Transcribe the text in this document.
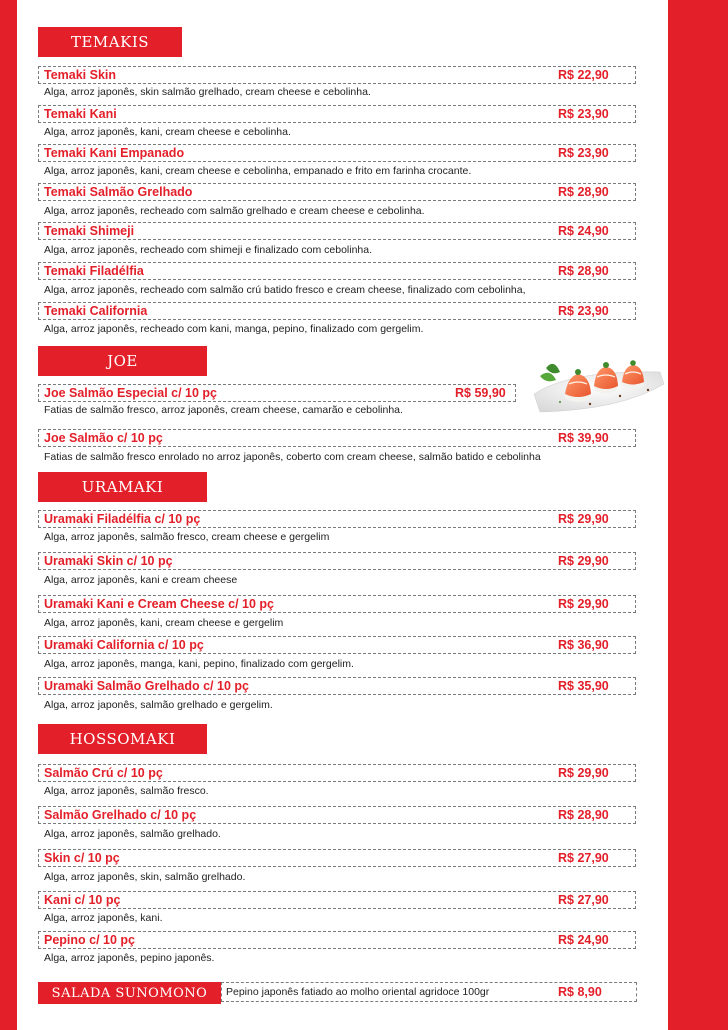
TEMAKIS
Temaki Skin	R$ 22,90
Alga, arroz japonês, skin salmão grelhado, cream cheese e cebolinha.
Temaki Kani	R$ 23,90
Alga, arroz japonês, kani, cream cheese e cebolinha.
Temaki Kani Empanado	R$ 23,90
Alga, arroz japonês, kani, cream cheese e cebolinha, empanado e frito em farinha crocante.
Temaki Salmão Grelhado	R$ 28,90
Alga, arroz japonês, recheado com salmão grelhado e cream cheese e cebolinha.
Temaki Shimeji	R$ 24,90
Alga, arroz japonês, recheado com shimeji e finalizado com cebolinha.
Temaki Filadélfia	R$ 28,90
Alga, arroz japonês, recheado com salmão crú batido fresco e cream cheese, finalizado com cebolinha,
Temaki California	R$ 23,90
Alga, arroz japonês, recheado com kani, manga, pepino, finalizado com gergelim.
JOE
Joe Salmão Especial c/ 10 pç	R$ 59,90
Fatias de salmão fresco, arroz japonês, cream cheese, camarão e cebolinha.
Joe Salmão c/ 10 pç	R$ 39,90
Fatias de salmão fresco enrolado no arroz japonês, coberto com cream cheese, salmão batido e cebolinha
URAMAKI
Uramaki Filadélfia c/ 10 pç	R$ 29,90
Alga, arroz japonês, salmão fresco, cream cheese e gergelim
Uramaki Skin c/ 10 pç	R$ 29,90
Alga, arroz japonês, kani e cream cheese
Uramaki Kani e Cream Cheese c/ 10 pç	R$ 29,90
Alga, arroz japonês, kani, cream cheese e gergelim
Uramaki California c/ 10 pç	R$ 36,90
Alga, arroz japonês, manga, kani, pepino, finalizado com gergelim.
Uramaki Salmão Grelhado c/ 10 pç	R$ 35,90
Alga, arroz japonês, salmão grelhado e gergelim.
HOSSOMAKI
Salmão Crú c/ 10 pç	R$ 29,90
Alga, arroz japonês, salmão fresco.
Salmão Grelhado c/ 10 pç	R$ 28,90
Alga, arroz japonês, salmão grelhado.
Skin c/ 10 pç	R$ 27,90
Alga, arroz japonês, skin, salmão grelhado.
Kani c/ 10 pç	R$ 27,90
Alga, arroz japonês, kani.
Pepino c/ 10 pç	R$ 24,90
Alga, arroz japonês, pepino japonês.
SALADA SUNOMONO	Pepino japonês fatiado ao molho oriental agridoce 100gr	R$ 8,90
